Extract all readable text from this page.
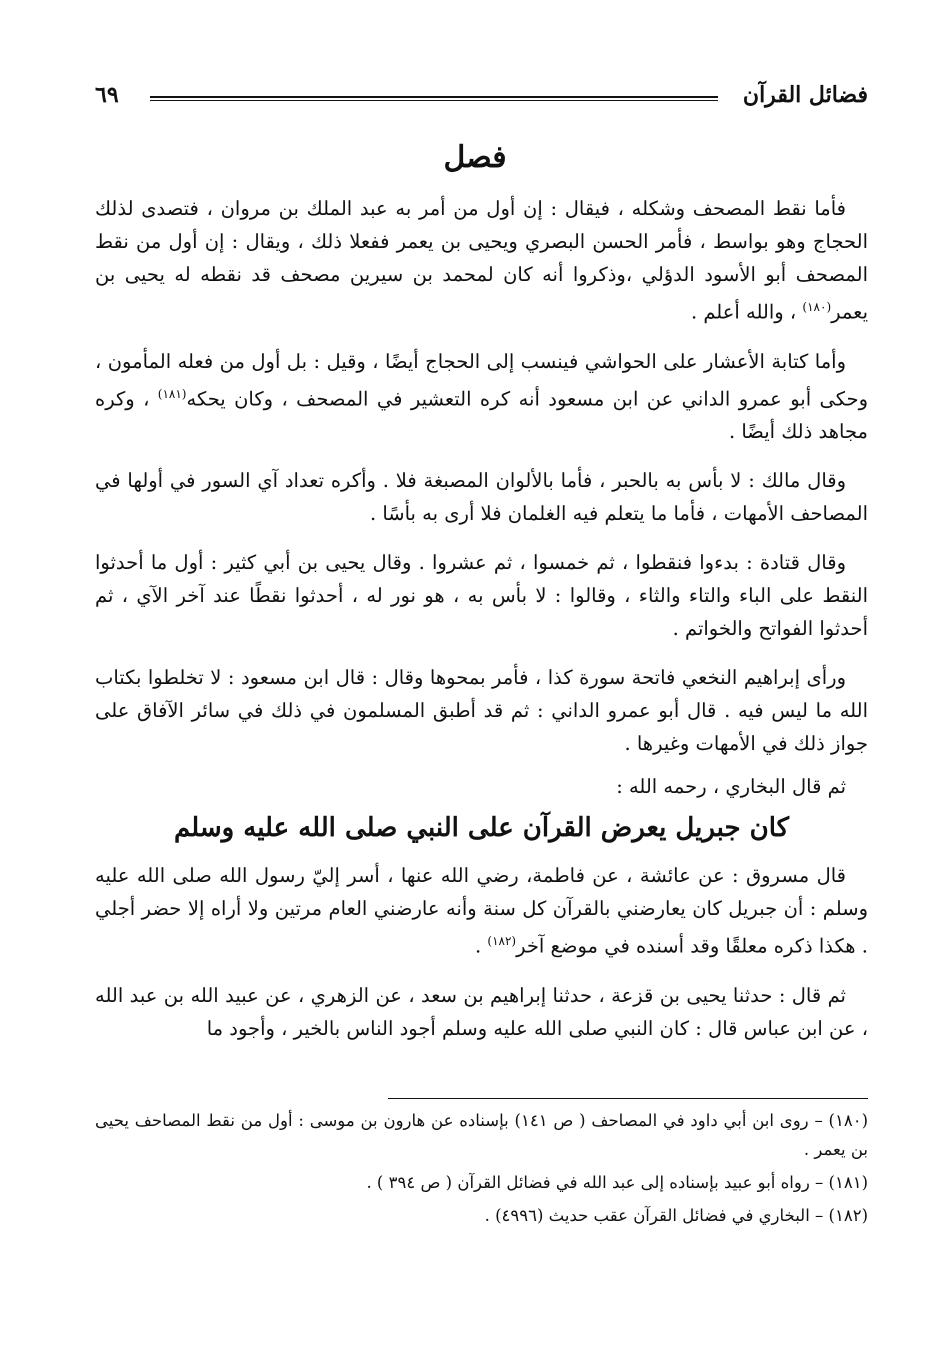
فضائل القرآن
٦٩
فصل

فأما نقط المصحف وشكله ، فيقال : إن أول من أمر به عبد الملك بن مروان ، فتصدى لذلك الحجاج وهو بواسط ، فأمر الحسن البصري ويحيى بن يعمر ففعلا ذلك ، ويقال : إن أول من نقط المصحف أبو الأسود الدؤلي ،وذكروا أنه كان لمحمد بن سيرين مصحف قد نقطه له يحيى بن يعمر$^{(١٨٠)}$ ، والله أعلم .

وأما كتابة الأعشار على الحواشي فينسب إلى الحجاج أيضًا ، وقيل : بل أول من فعله المأمون ، وحكى أبو عمرو الداني عن ابن مسعود أنه كره التعشير في المصحف ، وكان يحكه$^{(١٨١)}$ ، وكره مجاهد ذلك أيضًا .

وقال مالك : لا بأس به بالحبر ، فأما بالألوان المصبغة فلا . وأكره تعداد آي السور في أولها في المصاحف الأمهات ، فأما ما يتعلم فيه الغلمان فلا أرى به بأسًا .

وقال قتادة : بدءوا فنقطوا ، ثم خمسوا ، ثم عشروا . وقال يحيى بن أبي كثير : أول ما أحدثوا النقط على الباء والتاء والثاء ، وقالوا : لا بأس به ، هو نور له ، أحدثوا نقطًا عند آخر الآي ، ثم أحدثوا الفواتح والخواتم .

ورأى إبراهيم النخعي فاتحة سورة كذا ، فأمر بمحوها وقال : قال ابن مسعود : لا تخلطوا بكتاب الله ما ليس فيه . قال أبو عمرو الداني : ثم قد أطبق المسلمون في ذلك في سائر الآفاق على جواز ذلك في الأمهات وغيرها .

ثم قال البخاري ، رحمه الله :

كان جبريل يعرض القرآن على النبي صلى الله عليه وسلم

قال مسروق : عن عائشة ، عن فاطمة، رضي الله عنها ، أسر إليّ رسول الله صلى الله عليه وسلم : أن جبريل كان يعارضني بالقرآن كل سنة وأنه عارضني العام مرتين ولا أراه إلا حضر أجلي . هكذا ذكره معلقًا وقد أسنده في موضع آخر$^{(١٨٢)}$ .

ثم قال : حدثنا يحيى بن قزعة ، حدثنا إبراهيم بن سعد ، عن الزهري ، عن عبيد الله بن عبد الله ، عن ابن عباس قال : كان النبي صلى الله عليه وسلم أجود الناس بالخير ، وأجود ما

(١٨٠) – روى ابن أبي داود في المصاحف ( ص ١٤١) بإسناده عن هارون بن موسى : أول من نقط المصاحف يحيى بن يعمر .

(١٨١) – رواه أبو عبيد بإسناده إلى عبد الله في فضائل القرآن ( ص ٣٩٤ ) .

(١٨٢) – البخاري في فضائل القرآن عقب حديث (٤٩٩٦) .
